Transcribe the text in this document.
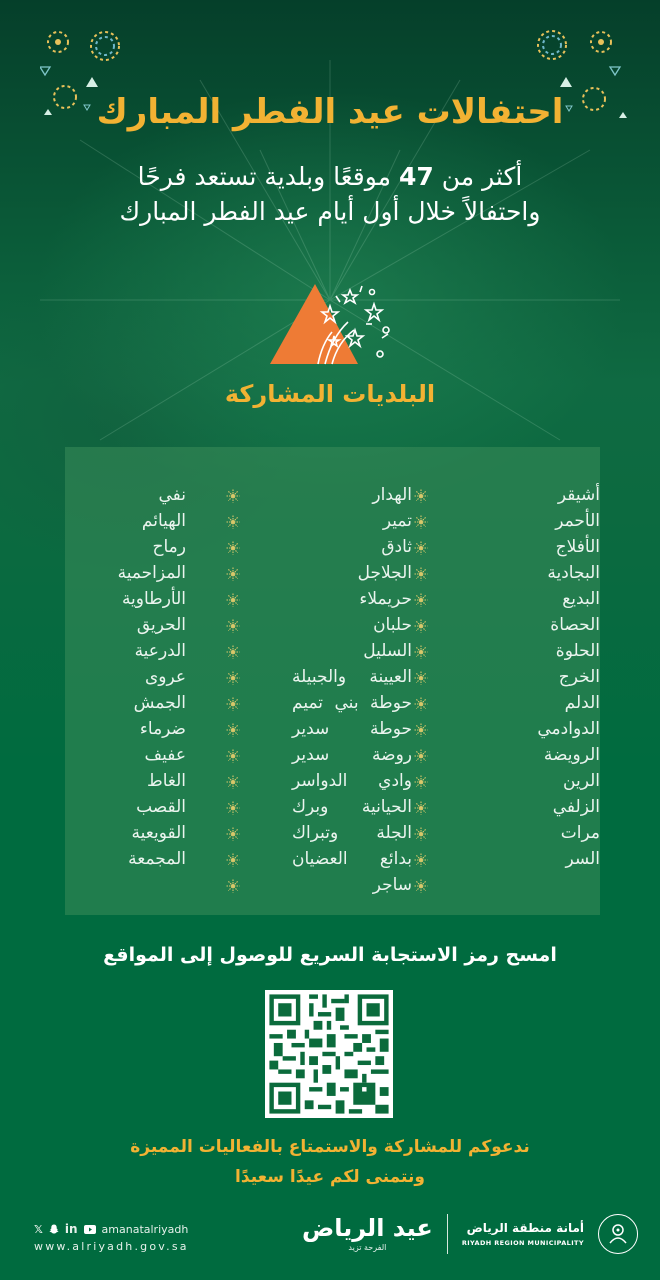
احتفالات عيد الفطر المبارك
أكثر من 47 موقعًا وبلدية تستعد فرحًا
واحتفالاً خلال أول أيام عيد الفطر المبارك
البلديات المشاركة
أشيقر
الأحمر
الأفلاج
البجادية
البديع
الحصاة
الحلوة
الخرج
الدلم
الدوادمي
الرويضة
الرين
الزلفي
مرات
السر
الهدار
تمير
ثادق
الجلاجل
حريملاء
حلبان
السليل
العيينة والجبيلة
حوطة بني تميم
حوطة سدير
روضة سدير
وادي الدواسر
الحيانية وبرك
الجلة وتبراك
بدائع العضيان
ساجر
نفي
الهيائم
رماح
المزاحمية
الأرطاوية
الحريق
الدرعية
عروى
الجمش
ضرماء
عفيف
الغاط
القصب
القويعية
المجمعة
امسح رمز الاستجابة السريع للوصول إلى المواقع
ندعوكم للمشاركة والاستمتاع بالفعاليات المميزة
ونتمنى لكم عيدًا سعيدًا
𝕏 in amanatalriyadh
www.alriyadh.gov.sa
عيد الرياض
الفرحة تزيد
أمانة منطقة الرياض
RIYADH REGION MUNICIPALITY
